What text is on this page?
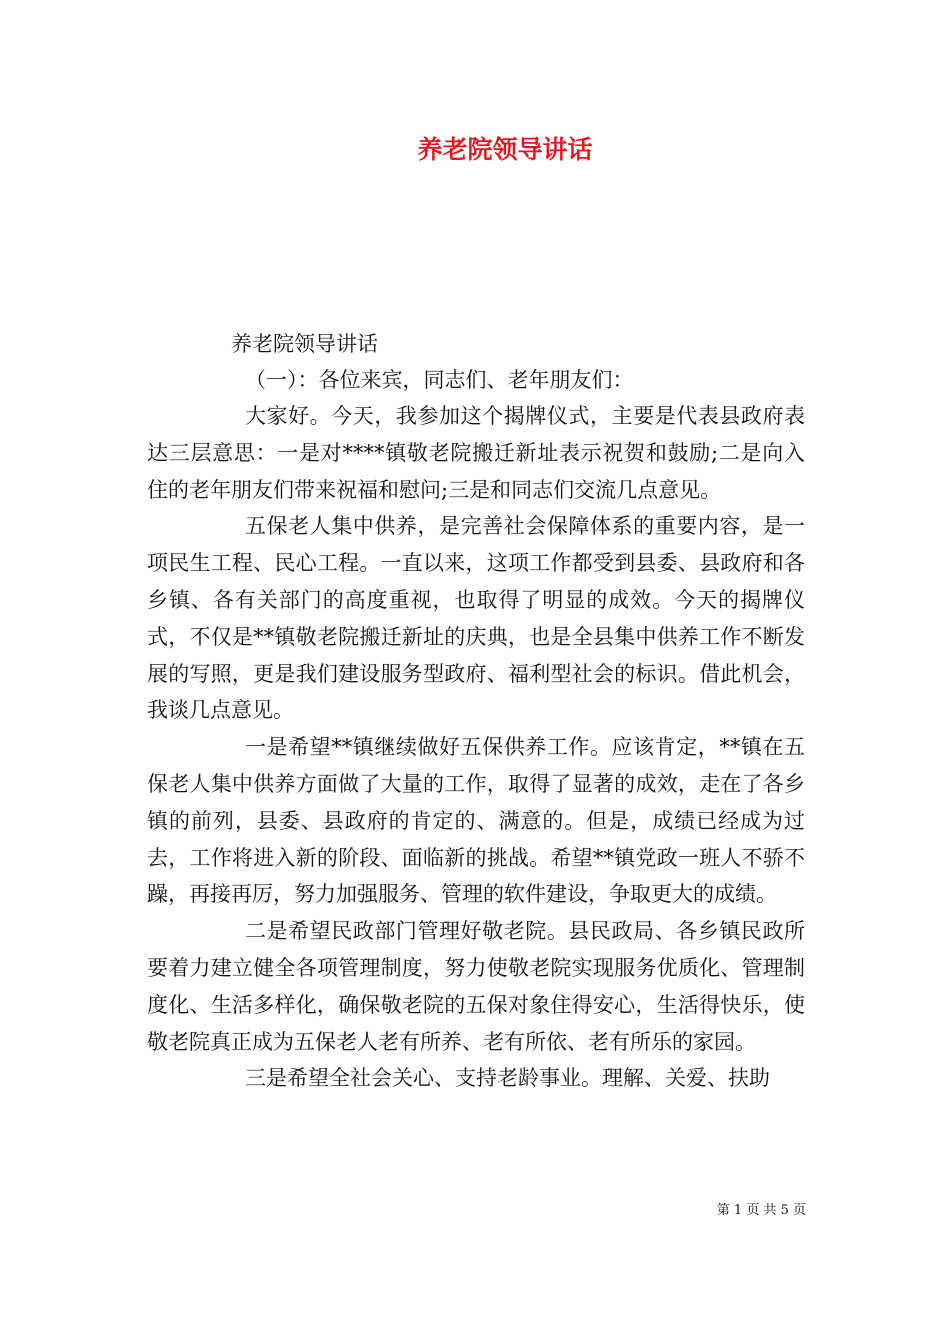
养老院领导讲话
养老院领导讲话
（一）：各位来宾，同志们、老年朋友们：

大家好。今天，我参加这个揭牌仪式，主要是代表县政府表达三层意思：一是对****镇敬老院搬迁新址表示祝贺和鼓励;二是向入住的老年朋友们带来祝福和慰问;三是和同志们交流几点意见。

五保老人集中供养，是完善社会保障体系的重要内容，是一项民生工程、民心工程。一直以来，这项工作都受到县委、县政府和各乡镇、各有关部门的高度重视，也取得了明显的成效。今天的揭牌仪式，不仅是**镇敬老院搬迁新址的庆典，也是全县集中供养工作不断发展的写照，更是我们建设服务型政府、福利型社会的标识。借此机会，我谈几点意见。

一是希望**镇继续做好五保供养工作。应该肯定，**镇在五保老人集中供养方面做了大量的工作，取得了显著的成效，走在了各乡镇的前列，县委、县政府的肯定的、满意的。但是，成绩已经成为过去，工作将进入新的阶段、面临新的挑战。希望**镇党政一班人不骄不躁，再接再厉，努力加强服务、管理的软件建设，争取更大的成绩。

二是希望民政部门管理好敬老院。县民政局、各乡镇民政所要着力建立健全各项管理制度，努力使敬老院实现服务优质化、管理制度化、生活多样化，确保敬老院的五保对象住得安心，生活得快乐，使敬老院真正成为五保老人老有所养、老有所依、老有所乐的家园。

三是希望全社会关心、支持老龄事业。理解、关爱、扶助

第 1 页 共 5 页
